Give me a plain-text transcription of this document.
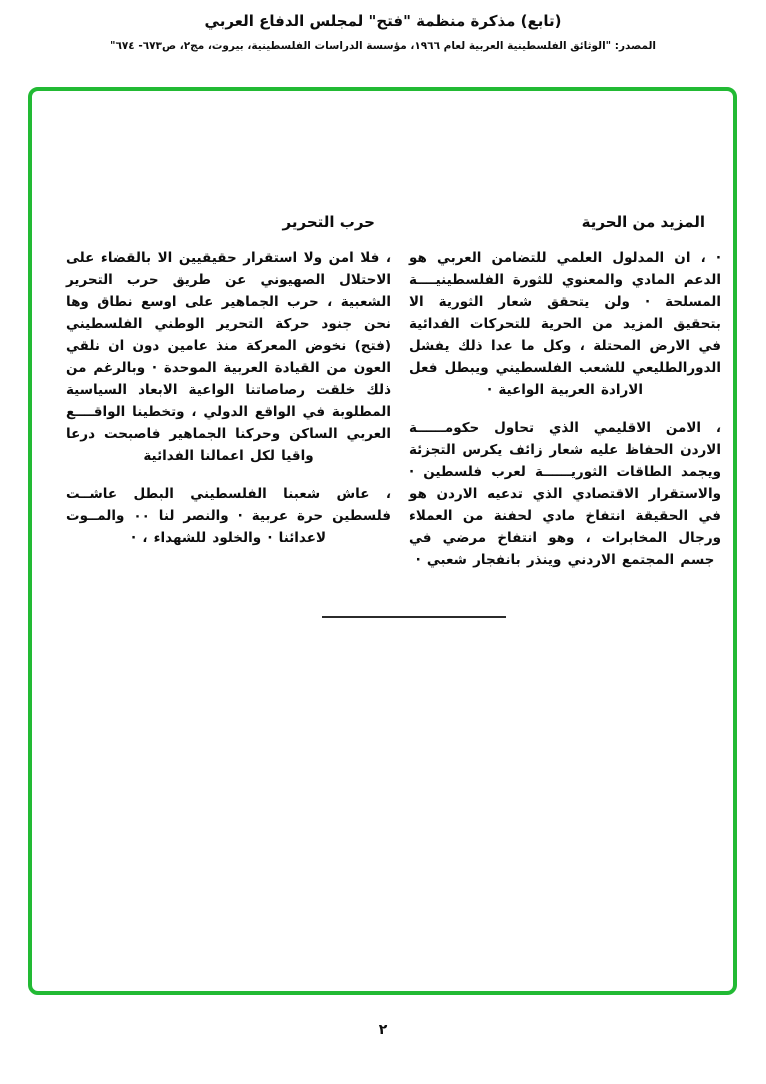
(تابع) مذكرة منظمة "فتح" لمجلس الدفاع العربي
المصدر: "الوثائق الفلسطينية العربية لعام ١٩٦٦، مؤسسة الدراسات الفلسطينية، بيروت، مج٢، ص٦٧٣- ٦٧٤"
المزيد من الحرية

· ، ان المدلول العلمي للتضامن العربي هو الدعم المادي والمعنوي للثورة الفلسطينيــــة المسلحة · ولن يتحقق شعار الثورية الا بتحقيق المزيد من الحرية للتحركات الفدائية في الارض المحتلة ، وكل ما عدا ذلك يفشل الدورالطليعي للشعب الفلسطيني ويبطل فعل الارادة العربية الواعية ·

، الامن الاقليمي الذي تحاول حكومــــــة الاردن الحفاظ عليه شعار زائف يكرس التجزئة ويجمد الطاقات الثوريــــــة لعرب فلسطين · والاستقرار الاقتصادي الذي تدعيه الاردن هو في الحقيقة انتفاخ مادي لحفنة من العملاء ورجال المخابرات ، وهو انتفاخ مرضي في جسم المجتمع الاردني وينذر بانفجار شعبي ·

حرب التحرير

، فلا امن ولا استقرار حقيقيين الا بالقضاء على الاحتلال الصهيوني عن طريق حرب التحرير الشعبية ، حرب الجماهير على اوسع نطاق وها نحن جنود حركة التحرير الوطني الفلسطيني (فتح) نخوض المعركة منذ عامين دون ان نلقي العون من القيادة العربية الموحدة · وبالرغم من ذلك خلقت رصاصاتنا الواعية الابعاد السياسية المطلوبة في الواقع الدولي ، وتخطينا الواقــــع العربي الساكن وحركنا الجماهير فاصبحت درعا واقيا لكل اعمالنا الفدائية

، عاش شعبنا الفلسطيني البطل عاشــت فلسطين حرة عربية · والنصر لنا ٠٠ والمــوت لاعدائنا · والخلود للشهداء ، ·

٢
